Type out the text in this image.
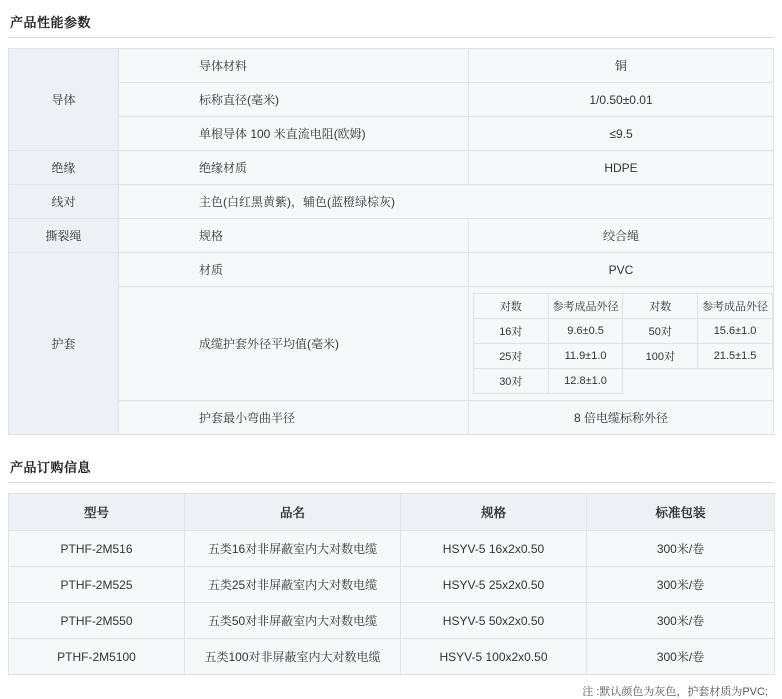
产品性能参数
导体	导体材料	铜
标称直径(毫米)	1/0.50±0.01
单根导体 100 米直流电阻(欧姆)	≤9.5
绝缘	绝缘材质	HDPE
线对	主色(白红黑黄紫)，辅色(蓝橙绿棕灰)
撕裂绳	规格	绞合绳
护套	材质	PVC
成缆护套外径平均值(毫米)	
对数	参考成品外径	对数	参考成品外径
16对	9.6±0.5	50对	15.6±1.0
25对	11.9±1.0	100对	21.5±1.5
30对	12.8±1.0		

护套最小弯曲半径	8 倍电缆标称外径
产品订购信息
型号	品名	规格	标准包装
PTHF-2M516	五类16对非屏蔽室内大对数电缆	HSYV-5 16x2x0.50	300米/卷
PTHF-2M525	五类25对非屏蔽室内大对数电缆	HSYV-5 25x2x0.50	300米/卷
PTHF-2M550	五类50对非屏蔽室内大对数电缆	HSYV-5 50x2x0.50	300米/卷
PTHF-2M5100	五类100对非屏蔽室内大对数电缆	HSYV-5 100x2x0.50	300米/卷
注 :默认颜色为灰色，护套材质为PVC;
